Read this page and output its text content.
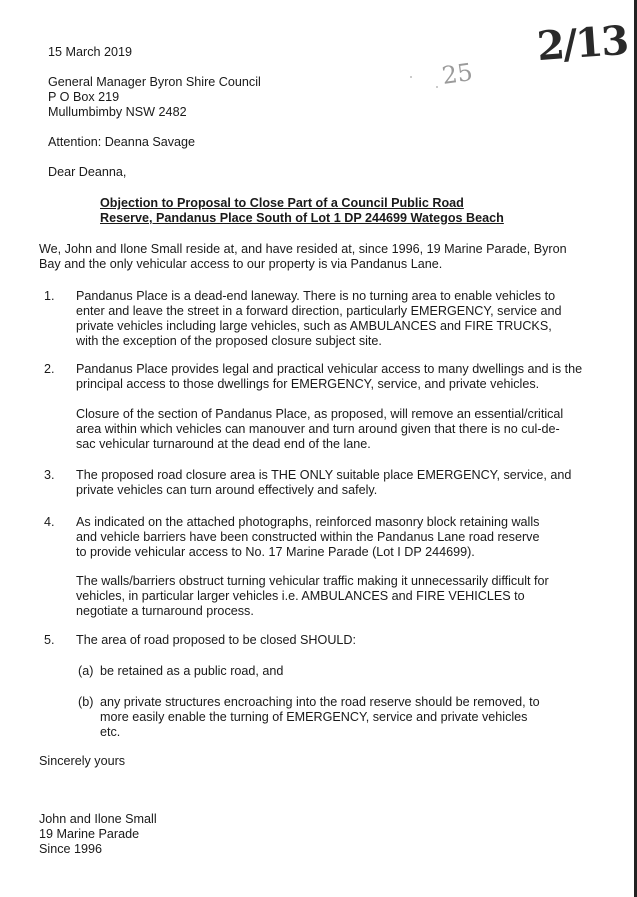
2/13
25
15 March 2019
General Manager Byron Shire Council
P O Box 219
Mullumbimby NSW 2482
Attention: Deanna Savage
Dear Deanna,
Objection to Proposal to Close Part of a Council Public Road
Reserve, Pandanus Place South of Lot 1 DP 244699 Wategos Beach
We, John and Ilone Small reside at, and have resided at, since 1996, 19 Marine Parade, Byron
Bay and the only vehicular access to our property is via Pandanus Lane.
1. Pandanus Place is a dead-end laneway. There is no turning area to enable vehicles to
enter and leave the street in a forward direction, particularly EMERGENCY, service and
private vehicles including large vehicles, such as AMBULANCES and FIRE TRUCKS,
with the exception of the proposed closure subject site.
2. Pandanus Place provides legal and practical vehicular access to many dwellings and is the
principal access to those dwellings for EMERGENCY, service, and private vehicles.
Closure of the section of Pandanus Place, as proposed, will remove an essential/critical
area within which vehicles can manouver and turn around given that there is no cul-de-
sac vehicular turnaround at the dead end of the lane.
3. The proposed road closure area is THE ONLY suitable place EMERGENCY, service, and
private vehicles can turn around effectively and safely.
4. As indicated on the attached photographs, reinforced masonry block retaining walls
and vehicle barriers have been constructed within the Pandanus Lane road reserve
to provide vehicular access to No. 17 Marine Parade (Lot I DP 244699).
The walls/barriers obstruct turning vehicular traffic making it unnecessarily difficult for
vehicles, in particular larger vehicles i.e. AMBULANCES and FIRE VEHICLES to
negotiate a turnaround process.
5. The area of road proposed to be closed SHOULD:
(a) be retained as a public road, and
(b) any private structures encroaching into the road reserve should be removed, to
more easily enable the turning of EMERGENCY, service and private vehicles
etc.
Sincerely yours
John and Ilone Small
19 Marine Parade
Since 1996
